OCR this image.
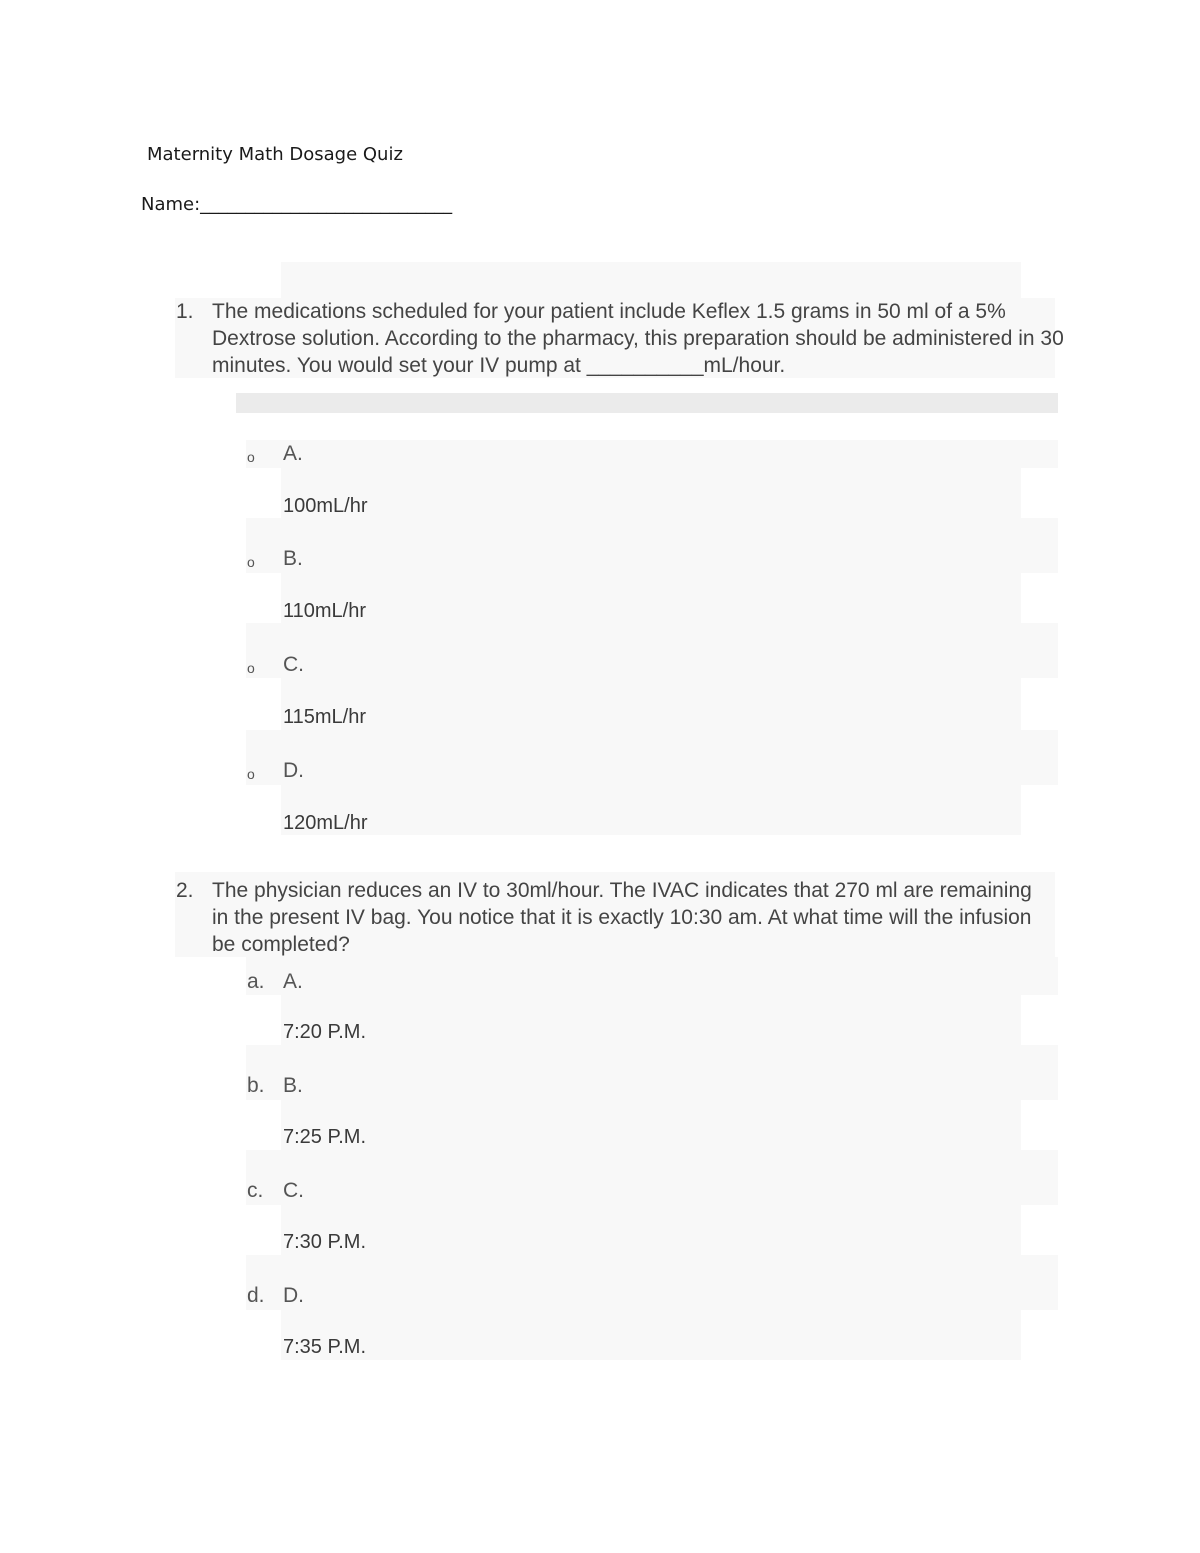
Maternity Math Dosage Quiz
Name:____________________________
1. The medications scheduled for your patient include Keflex 1.5 grams in 50 ml of a 5% Dextrose solution. According to the pharmacy, this preparation should be administered in 30 minutes. You would set your IV pump at __________mL/hour.
o A.
100mL/hr
o B.
110mL/hr
o C.
115mL/hr
o D.
120mL/hr
2. The physician reduces an IV to 30ml/hour. The IVAC indicates that 270 ml are remaining in the present IV bag. You notice that it is exactly 10:30 am. At what time will the infusion be completed?
a. A.
7:20 P.M.
b. B.
7:25 P.M.
c. C.
7:30 P.M.
d. D.
7:35 P.M.
